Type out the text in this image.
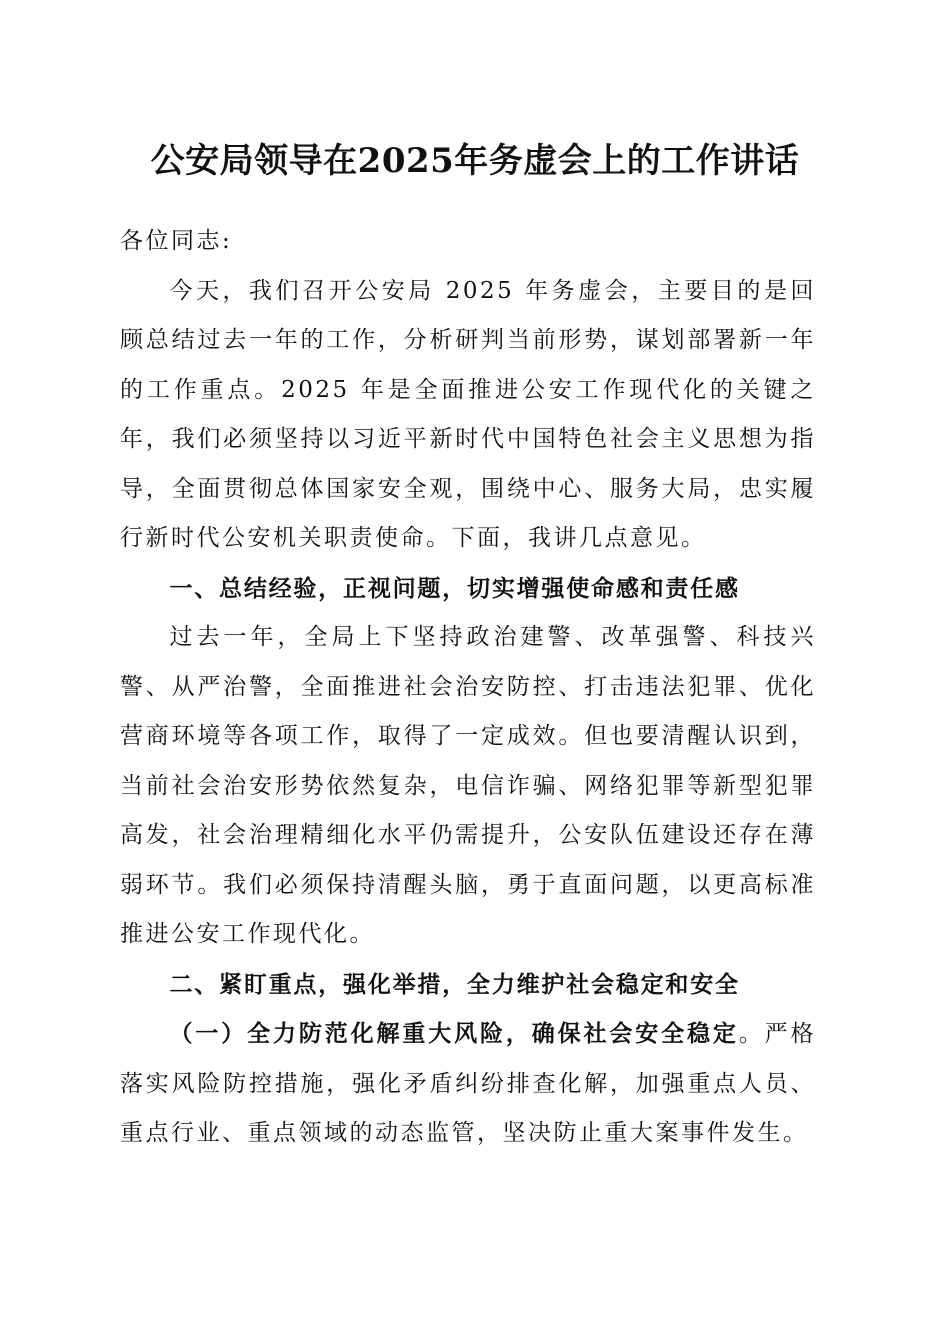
公安局领导在2025年务虚会上的工作讲话

各位同志:

今天，我们召开公安局 2025 年务虚会，主要目的是回顾总结过去一年的工作，分析研判当前形势，谋划部署新一年的工作重点。2025 年是全面推进公安工作现代化的关键之年，我们必须坚持以习近平新时代中国特色社会主义思想为指导，全面贯彻总体国家安全观，围绕中心、服务大局，忠实履行新时代公安机关职责使命。下面，我讲几点意见。

一、总结经验，正视问题，切实增强使命感和责任感

过去一年，全局上下坚持政治建警、改革强警、科技兴警、从严治警，全面推进社会治安防控、打击违法犯罪、优化营商环境等各项工作，取得了一定成效。但也要清醒认识到，当前社会治安形势依然复杂，电信诈骗、网络犯罪等新型犯罪高发，社会治理精细化水平仍需提升，公安队伍建设还存在薄弱环节。我们必须保持清醒头脑，勇于直面问题，以更高标准推进公安工作现代化。

二、紧盯重点，强化举措，全力维护社会稳定和安全

（一）全力防范化解重大风险，确保社会安全稳定。严格落实风险防控措施，强化矛盾纠纷排查化解，加强重点人员、重点行业、重点领域的动态监管，坚决防止重大案事件发生。
